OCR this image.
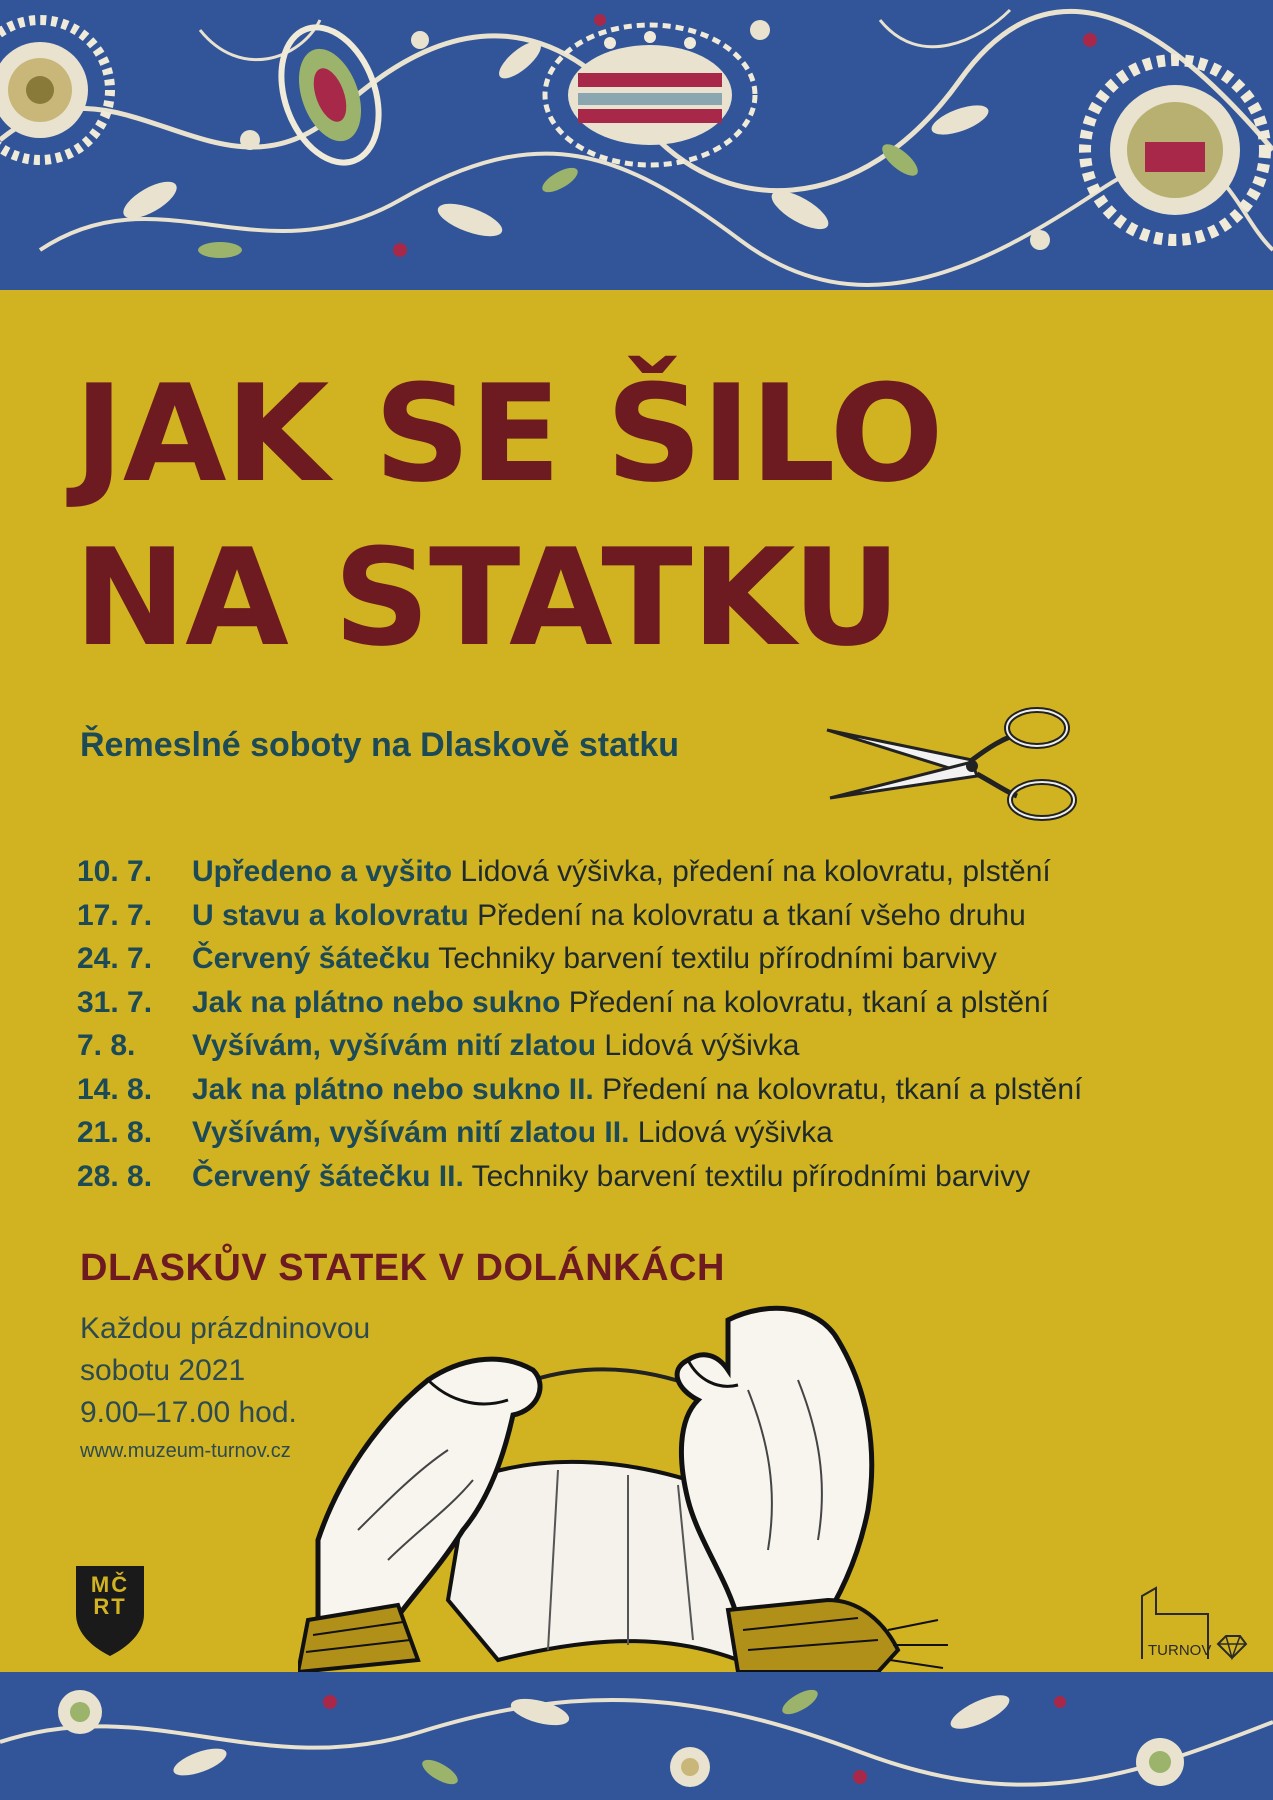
JAK SE ŠILO
NA STATKU
Řemeslné soboty na Dlaskově statku
10. 7. Upředeno a vyšito Lidová výšivka, předení na kolovratu, plstění
17. 7. U stavu a kolovratu Předení na kolovratu a tkaní všeho druhu
24. 7. Červený šátečku Techniky barvení textilu přírodními barvivy
31. 7. Jak na plátno nebo sukno Předení na kolovratu, tkaní a plstění
7. 8. Vyšívám, vyšívám nití zlatou Lidová výšivka
14. 8. Jak na plátno nebo sukno II. Předení na kolovratu, tkaní a plstění
21. 8. Vyšívám, vyšívám nití zlatou II. Lidová výšivka
28. 8. Červený šátečku II. Techniky barvení textilu přírodními barvivy
DLASKŮV STATEK V DOLÁNKÁCH
Každou prázdninovou
sobotu 2021
9.00–17.00 hod.
www.muzeum-turnov.cz
MČ
RT
TURNOV
